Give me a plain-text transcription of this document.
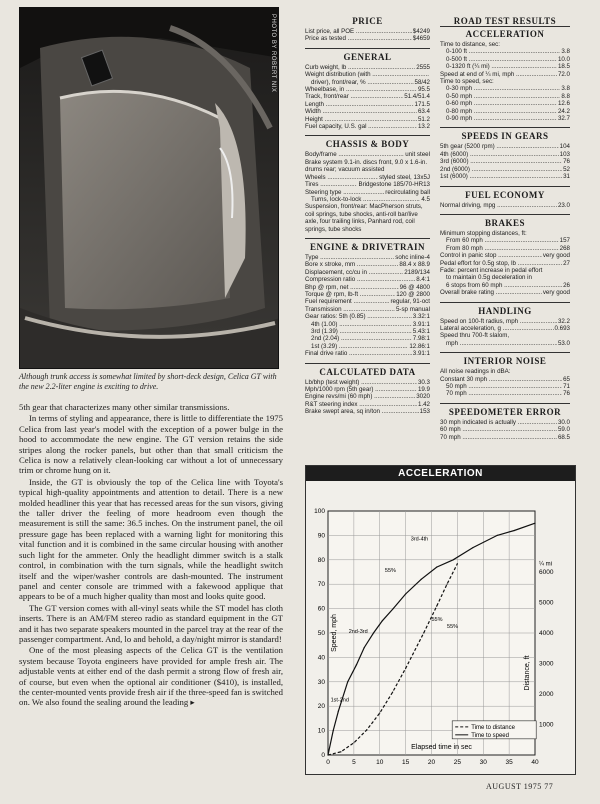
PHOTO BY ROBERT NIX
Although trunk access is somewhat limited by short-deck design, Celica GT with the new 2.2-liter engine is exciting to drive.

5th gear that characterizes many other similar transmissions.

In terms of styling and appearance, there is little to differentiate the 1975 Celica from last year's model with the exception of a power bulge in the hood to accommodate the new engine. The GT version retains the side stripes along the rocker panels, but other than that small criticism the Celica is now a relatively clean-looking car without a lot of unnecessary trim or chrome hung on it.

Inside, the GT is obviously the top of the Celica line with Toyota's typical high-quality appointments and attention to detail. There is a new molded headliner this year that has recessed areas for the sun visors, giving the taller driver the feeling of more headroom even though the measurement is still the same: 36.5 inches. On the instrument panel, the oil pressure gage has been replaced with a warning light for monitoring this vital function and it is combined in the same circular housing with another such light for the ammeter. Only the headlight dimmer switch is a stalk control, in combination with the turn signals, while the headlight switch itself and the wiper/washer controls are dash-mounted. The instrument panel and center console are trimmed with a fakewood applique that appears to be of a much higher quality than most and looks quite good.

The GT version comes with all-vinyl seats while the ST model has cloth inserts. There is an AM/FM stereo radio as standard equipment in the GT and it has two separate speakers mounted in the parcel tray at the rear of the passenger compartment. And, lo and behold, a day/night mirror is standard!

One of the most pleasing aspects of the Celica GT is the ventilation system because Toyota engineers have provided for ample fresh air. The adjustable vents at either end of the dash permit a strong flow of fresh air, of course, but even when the optional air conditioner ($410), is installed, the center-mounted vents provide fresh air if the three-speed fan is switched on. We also found the sealing around the leading ▸

PRICE
List price, all POE .....	$4249
Price as tested .....	$4659
GENERAL
Curb weight, lb .....	2555
Weight distribution (with .....
driver), front/rear, % .....	58/42
Wheelbase, in .....	95.5
Track, front/rear .....	51.4/51.4
Length .....	171.5
Width .....	63.4
Height .....	51.2
Fuel capacity, U.S. gal .....	13.2
CHASSIS & BODY
Body/frame .....	unit steel
Brake system 9.1-in. discs front, 9.0 x 1.6-in. drums rear; vacuum assisted
Wheels .....	styled steel, 13x5J
Tires .....	Bridgestone 185/70-HR13
Steering type .....	recirculating ball
Turns, lock-to-lock .....	4.5
Suspension, front/rear: MacPherson struts, coil springs, tube shocks, anti-roll bar/live axle, four trailing links, Panhard rod, coil springs, tube shocks
ENGINE & DRIVETRAIN
Type .....	sohc inline-4
Bore x stroke, mm .....	88.4 x 88.9
Displacement, cc/cu in .....	2189/134
Compression ratio .....	8.4:1
Bhp @ rpm, net .....	96 @ 4800
Torque @ rpm, lb-ft .....	120 @ 2800
Fuel requirement .....	regular, 91-oct
Transmission .....	5-sp manual
Gear ratios: 5th (0.85) .....	3.32:1
4th (1.00) .....	3.91:1
3rd (1.39) .....	5.43:1
2nd (2.04) .....	7.98:1
1st (3.29) .....	12.86:1
Final drive ratio .....	3.91:1
CALCULATED DATA
Lb/bhp (test weight) .....	30.3
Mph/1000 rpm (5th gear) .....	19.9
Engine revs/mi (60 mph) .....	3020
R&T steering index .....	1.42
Brake swept area, sq in/ton .....	153
ROAD TEST RESULTS
ACCELERATION
Time to distance, sec:
0-100 ft .....	3.8
0-500 ft .....	10.0
0-1320 ft (¼ mi) .....	18.5
Speed at end of ¼ mi, mph .....	72.0
Time to speed, sec:
0-30 mph .....	3.8
0-50 mph .....	8.8
0-60 mph .....	12.6
0-80 mph .....	24.2
0-90 mph .....	32.7
SPEEDS IN GEARS
5th gear (5200 rpm) .....	104
4th (6000) .....	103
3rd (6000) .....	76
2nd (6000) .....	52
1st (6000) .....	31
FUEL ECONOMY
Normal driving, mpg .....	23.0
BRAKES
Minimum stopping distances, ft:
From 60 mph .....	157
From 80 mph .....	268
Control in panic stop .....	very good
Pedal effort for 0.5g stop, lb .....	27
Fade: percent increase in pedal effort
to maintain 0.5g deceleration in
6 stops from 60 mph .....	26
Overall brake rating .....	very good
HANDLING
Speed on 100-ft radius, mph .....	32.2
Lateral acceleration, g .....	0.693
Speed thru 700-ft slalom,
mph .....	53.0
INTERIOR NOISE
All noise readings in dBA:
Constant 30 mph .....	65
50 mph .....	71
70 mph .....	76
SPEEDOMETER ERROR
30 mph indicated is actually .....	30.0
60 mph .....	59.0
70 mph .....	68.5
ACCELERATION
0	5	10	15	20	25	30	35	40
0
10
20
30
40
50
60
70
80
90
100
1000
2000
3000
4000
5000
6000
¼ mi
Elapsed time in sec
Speed, mph
Distance, ft
1st-2nd
2nd-3rd
3rd-4th
55%
55%
55%
Time to distance
Time to speed
AUGUST 1975 77
